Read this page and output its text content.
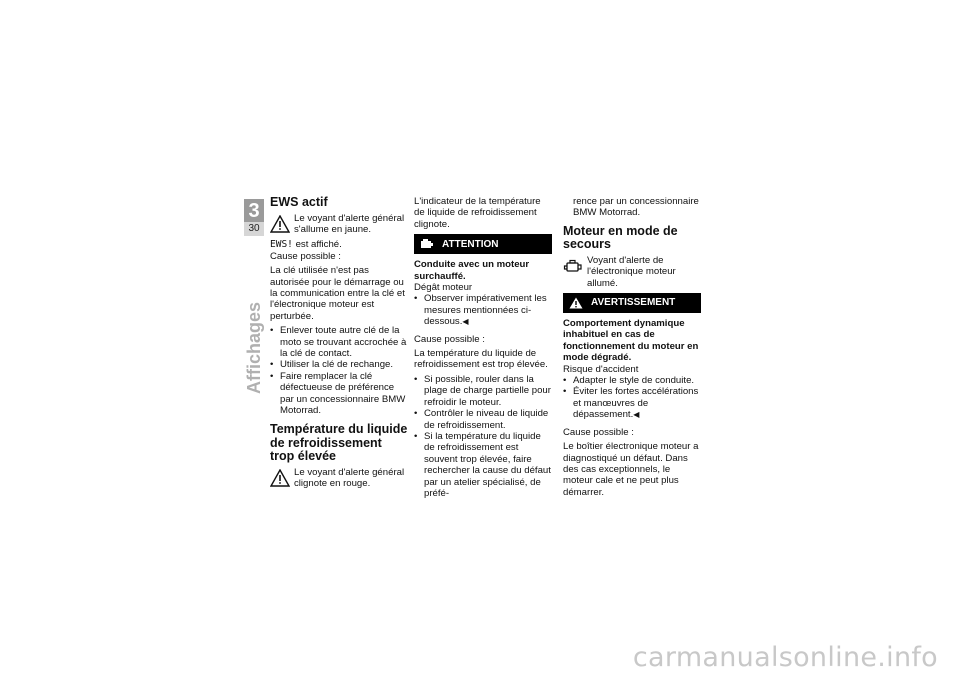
3
30
Affichages
EWS actif
Le voyant d'alerte général s'allume en jaune.

EWS! est affiché.
Cause possible :

La clé utilisée n'est pas autorisée pour le démarrage ou la communication entre la clé et l'électronique moteur est perturbée.

• Enlever toute autre clé de la moto se trouvant accrochée à la clé de contact.
• Utiliser la clé de rechange.
• Faire remplacer la clé défectueuse de préférence par un concessionnaire BMW Motorrad.
Température du liquide de refroidissement trop élevée
Le voyant d'alerte général clignote en rouge.

L'indicateur de la température de liquide de refroidissement clignote.

ATTENTION
Conduite avec un moteur surchauffé.
Dégât moteur
• Observer impérativement les mesures mentionnées ci-dessous.◀

Cause possible :

La température du liquide de refroidissement est trop élevée.

• Si possible, rouler dans la plage de charge partielle pour refroidir le moteur.
• Contrôler le niveau de liquide de refroidissement.
• Si la température du liquide de refroidissement est souvent trop élevée, faire rechercher la cause du défaut par un atelier spécialisé, de préfé-

rence par un concessionnaire BMW Motorrad.

Moteur en mode de secours
Voyant d'alerte de l'électronique moteur allumé.
AVERTISSEMENT
Comportement dynamique inhabituel en cas de fonctionnement du moteur en mode dégradé.
Risque d'accident
• Adapter le style de conduite.
• Éviter les fortes accélérations et manœuvres de dépassement.◀

Cause possible :

Le boîtier électronique moteur a diagnostiqué un défaut. Dans des cas exceptionnels, le moteur cale et ne peut plus démarrer.

carmanualsonline.info
